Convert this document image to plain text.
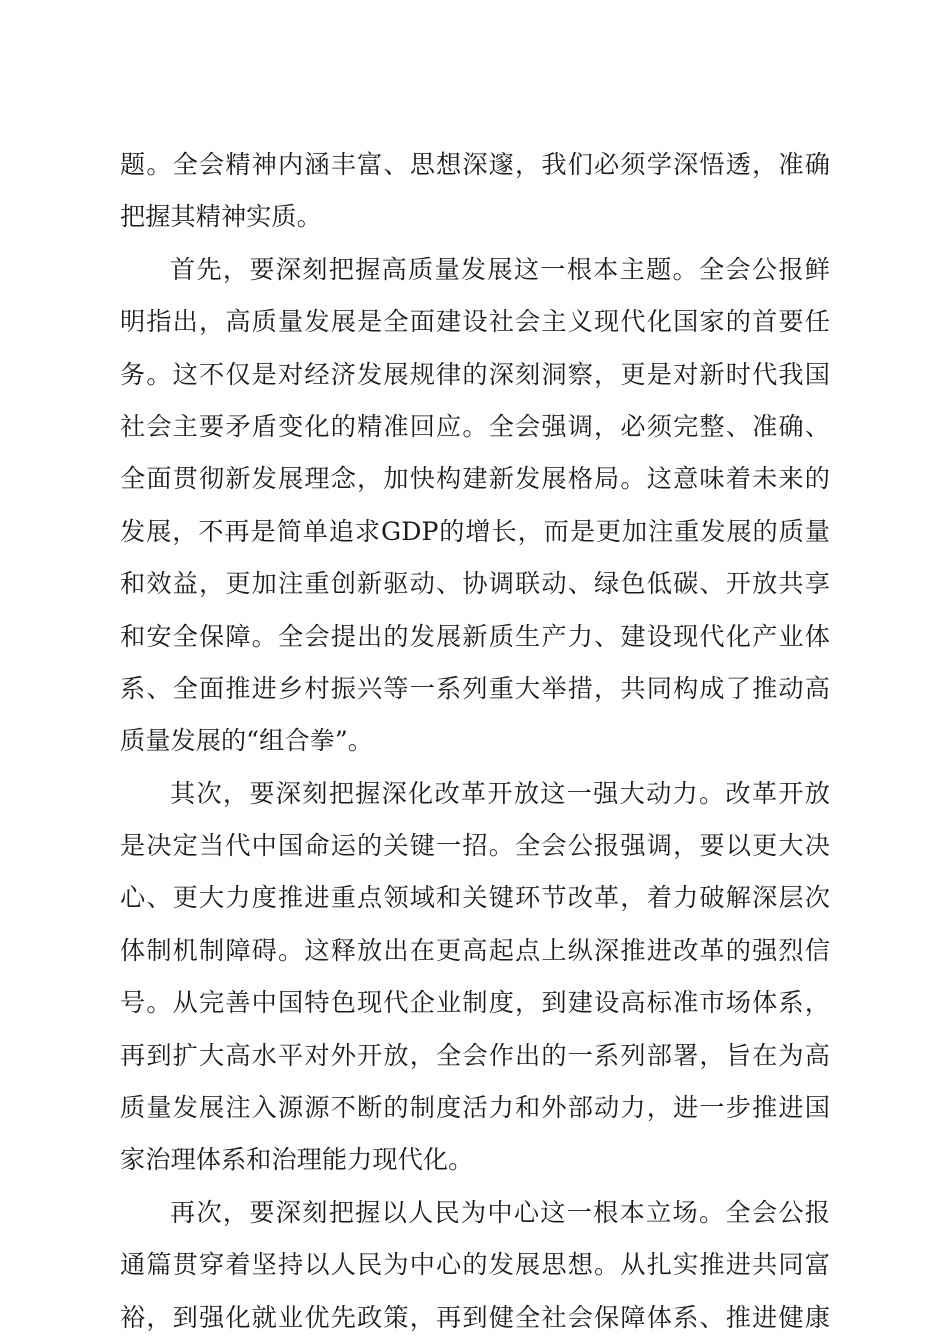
题。全会精神内涵丰富、思想深邃，我们必须学深悟透，准确
把握其精神实质。
首先，要深刻把握高质量发展这一根本主题。全会公报鲜
明指出，高质量发展是全面建设社会主义现代化国家的首要任
务。这不仅是对经济发展规律的深刻洞察，更是对新时代我国
社会主要矛盾变化的精准回应。全会强调，必须完整、准确、
全面贯彻新发展理念，加快构建新发展格局。这意味着未来的
发展，不再是简单追求GDP的增长，而是更加注重发展的质量
和效益，更加注重创新驱动、协调联动、绿色低碳、开放共享
和安全保障。全会提出的发展新质生产力、建设现代化产业体
系、全面推进乡村振兴等一系列重大举措，共同构成了推动高
质量发展的“组合拳”。
其次，要深刻把握深化改革开放这一强大动力。改革开放
是决定当代中国命运的关键一招。全会公报强调，要以更大决
心、更大力度推进重点领域和关键环节改革，着力破解深层次
体制机制障碍。这释放出在更高起点上纵深推进改革的强烈信
号。从完善中国特色现代企业制度，到建设高标准市场体系，
再到扩大高水平对外开放，全会作出的一系列部署，旨在为高
质量发展注入源源不断的制度活力和外部动力，进一步推进国
家治理体系和治理能力现代化。
再次，要深刻把握以人民为中心这一根本立场。全会公报
通篇贯穿着坚持以人民为中心的发展思想。从扎实推进共同富
裕，到强化就业优先政策，再到健全社会保障体系、推进健康
